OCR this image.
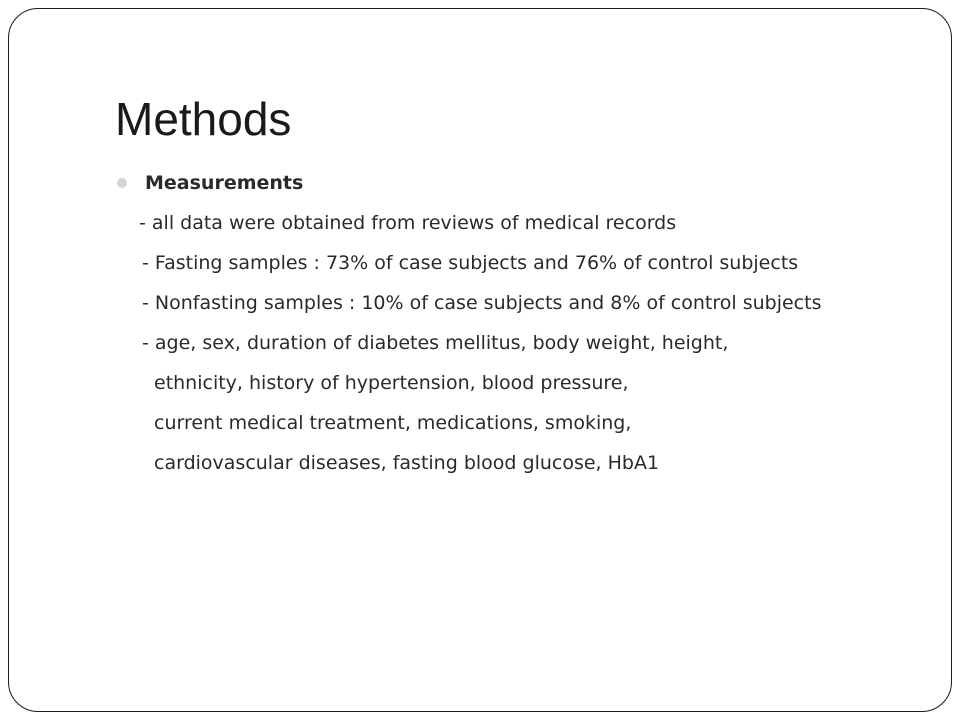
Methods
Measurements
- all data were obtained from reviews of medical records
- Fasting samples : 73% of case subjects and 76% of control subjects
- Nonfasting samples : 10% of case subjects and 8% of control subjects
- age, sex, duration of diabetes mellitus, body weight, height,
ethnicity, history of hypertension, blood pressure,
current medical treatment, medications, smoking,
cardiovascular diseases, fasting blood glucose, HbA1
